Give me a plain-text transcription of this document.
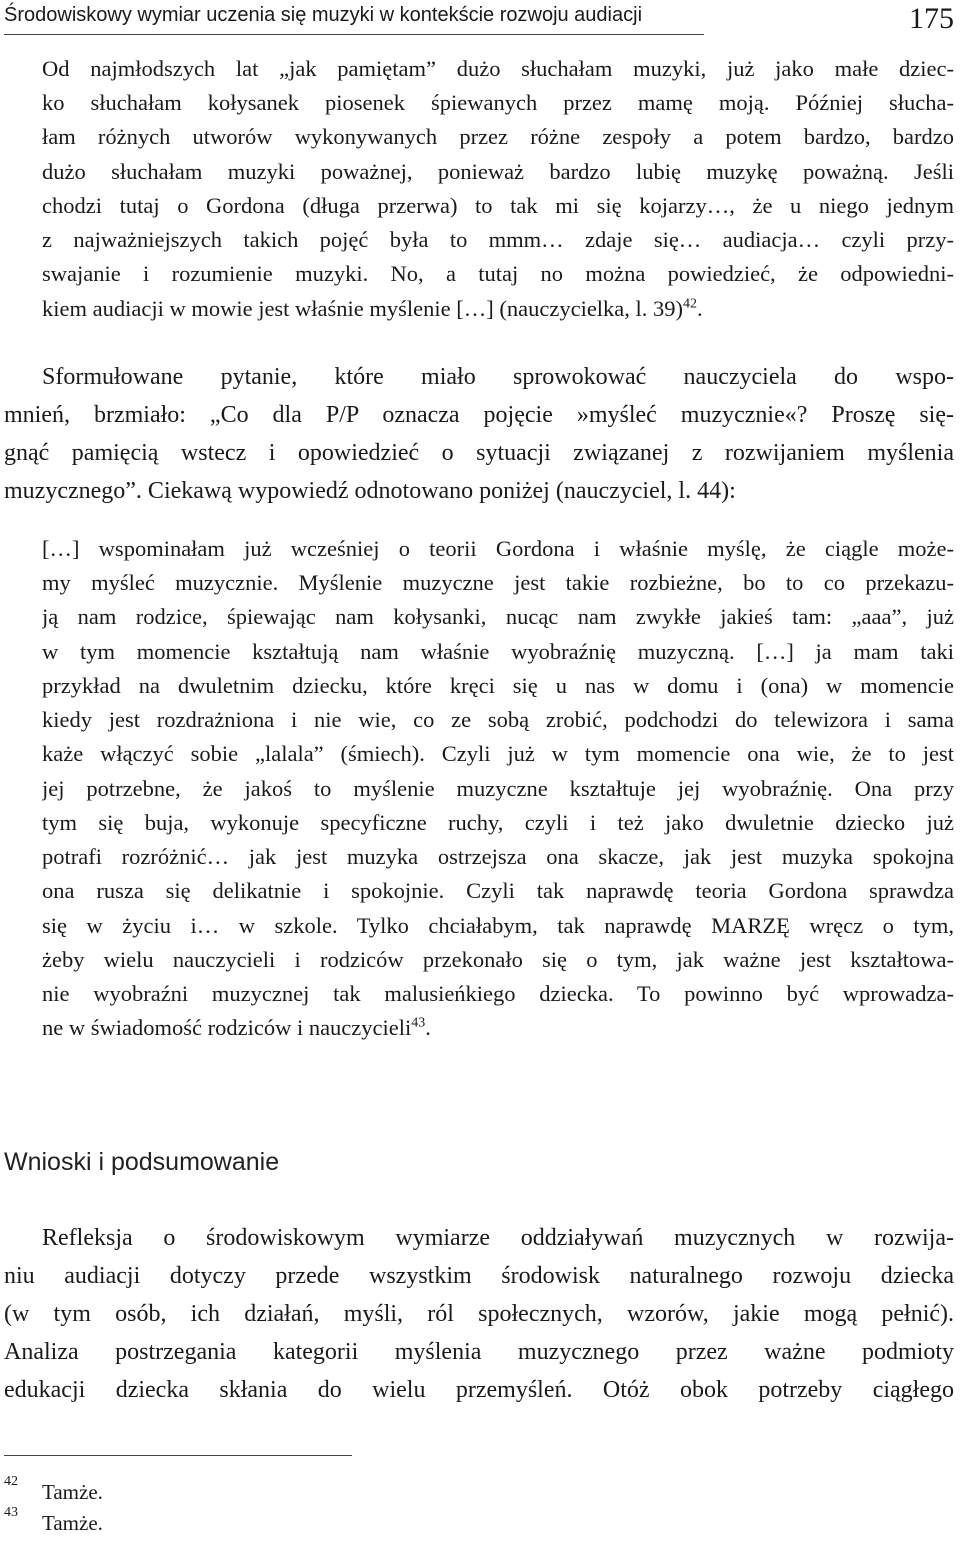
Środowiskowy wymiar uczenia się muzyki w kontekście rozwoju audiacji	175
Od najmłodszych lat „jak pamiętam” dużo słuchałam muzyki, już jako małe dziec-
ko słuchałam kołysanek piosenek śpiewanych przez mamę moją. Później słucha-
łam różnych utworów wykonywanych przez różne zespoły a potem bardzo, bardzo
dużo słuchałam muzyki poważnej, ponieważ bardzo lubię muzykę poważną. Jeśli
chodzi tutaj o Gordona (długa przerwa) to tak mi się kojarzy…, że u niego jednym
z najważniejszych takich pojęć była to mmm… zdaje się… audiacja… czyli przy-
swajanie i rozumienie muzyki. No, a tutaj no można powiedzieć, że odpowiedni-
kiem audiacji w mowie jest właśnie myślenie […] (nauczycielka, l. 39)$^{42}$.
Sformułowane pytanie, które miało sprowokować nauczyciela do wspo-
mnień, brzmiało: „Co dla P/P oznacza pojęcie »myśleć muzycznie«? Proszę się-
gnąć pamięcią wstecz i opowiedzieć o sytuacji związanej z rozwijaniem myślenia
muzycznego”. Ciekawą wypowiedź odnotowano poniżej (nauczyciel, l. 44):
[…] wspominałam już wcześniej o teorii Gordona i właśnie myślę, że ciągle może-
my myśleć muzycznie. Myślenie muzyczne jest takie rozbieżne, bo to co przekazu-
ją nam rodzice, śpiewając nam kołysanki, nucąc nam zwykłe jakieś tam: „aaa”, już
w tym momencie kształtują nam właśnie wyobraźnię muzyczną. […] ja mam taki
przykład na dwuletnim dziecku, które kręci się u nas w domu i (ona) w momencie
kiedy jest rozdrażniona i nie wie, co ze sobą zrobić, podchodzi do telewizora i sama
każe włączyć sobie „lalala” (śmiech). Czyli już w tym momencie ona wie, że to jest
jej potrzebne, że jakoś to myślenie muzyczne kształtuje jej wyobraźnię. Ona przy
tym się buja, wykonuje specyficzne ruchy, czyli i też jako dwuletnie dziecko już
potrafi rozróżnić… jak jest muzyka ostrzejsza ona skacze, jak jest muzyka spokojna
ona rusza się delikatnie i spokojnie. Czyli tak naprawdę teoria Gordona sprawdza
się w życiu i… w szkole. Tylko chciałabym, tak naprawdę MARZĘ wręcz o tym,
żeby wielu nauczycieli i rodziców przekonało się o tym, jak ważne jest kształtowa-
nie wyobraźni muzycznej tak malusieńkiego dziecka. To powinno być wprowadza-
ne w świadomość rodziców i nauczycieli$^{43}$.
Wnioski i podsumowanie
Refleksja o środowiskowym wymiarze oddziaływań muzycznych w rozwija-
niu audiacji dotyczy przede wszystkim środowisk naturalnego rozwoju dziecka
(w tym osób, ich działań, myśli, ról społecznych, wzorów, jakie mogą pełnić).
Analiza postrzegania kategorii myślenia muzycznego przez ważne podmioty
edukacji dziecka skłania do wielu przemyśleń. Otóż obok potrzeby ciągłego
42 Tamże.
43 Tamże.
